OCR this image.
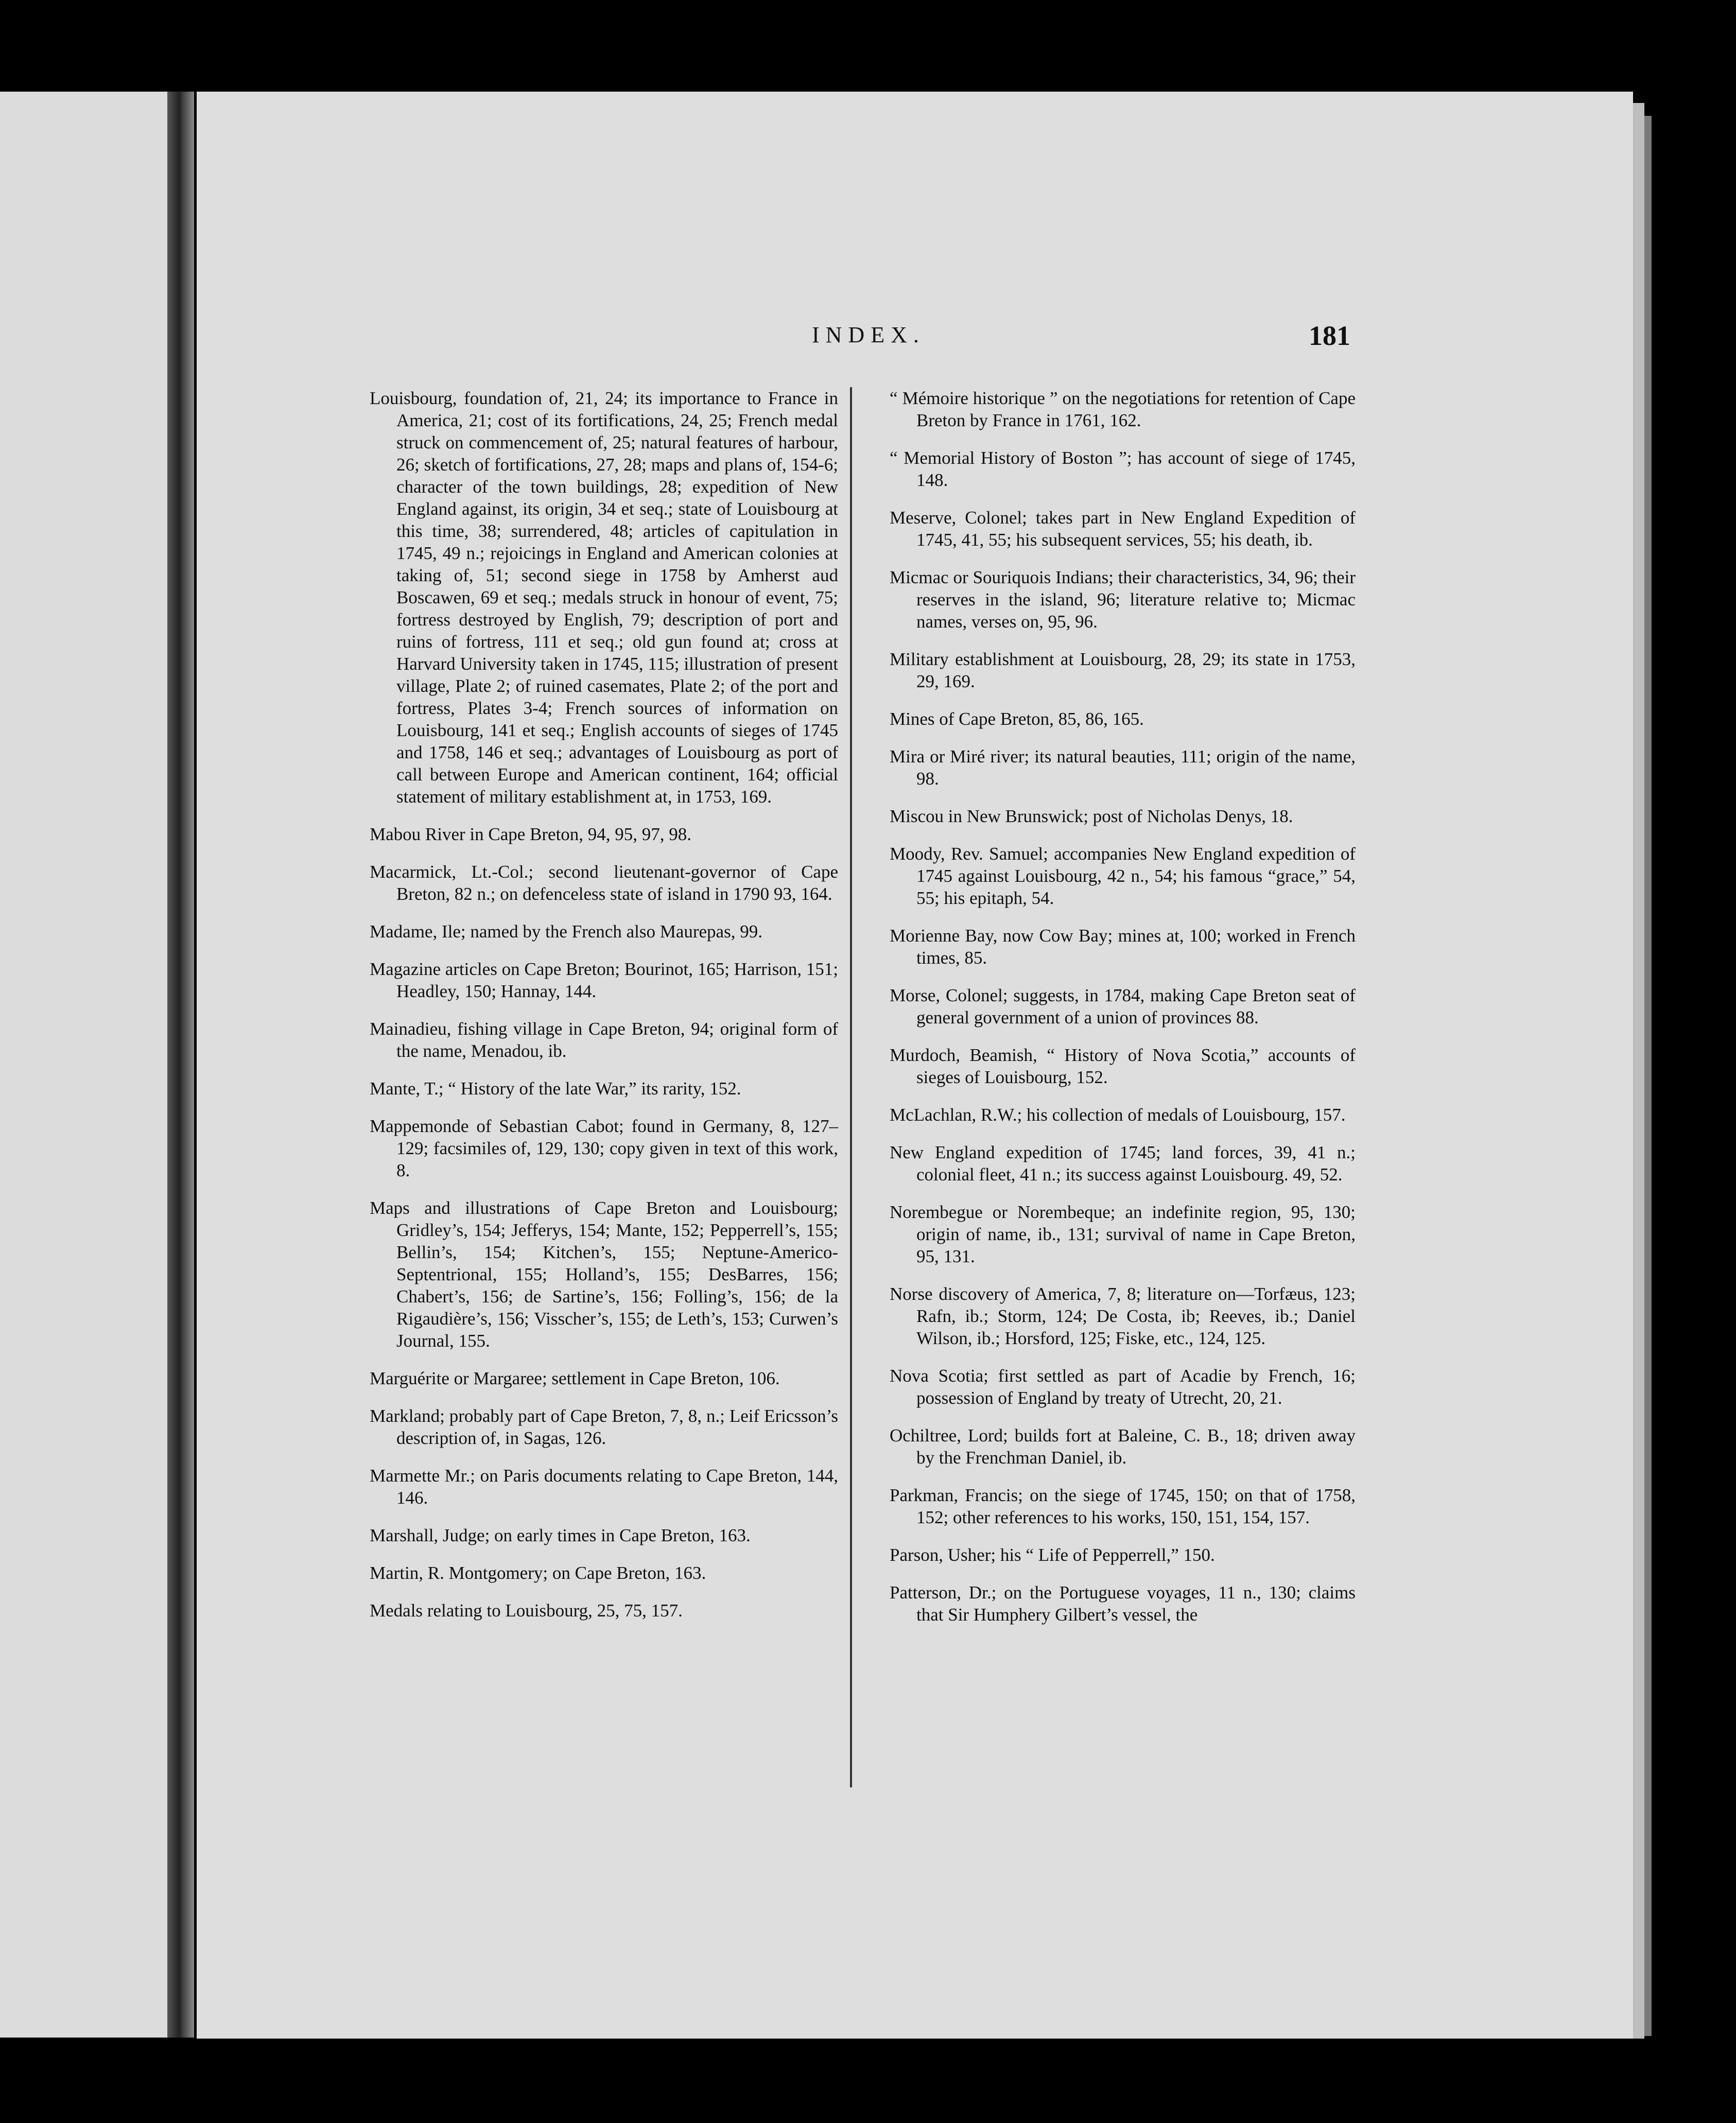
INDEX.	181

Louisbourg, foundation of, 21, 24; its importance to France in America, 21; cost of its fortifications, 24, 25; French medal struck on commencement of, 25; natural features of harbour, 26; sketch of fortifications, 27, 28; maps and plans of, 154-6; character of the town buildings, 28; expedition of New England against, its origin, 34 et seq.; state of Louisbourg at this time, 38; surrendered, 48; articles of capitulation in 1745, 49 n.; rejoicings in England and American colonies at taking of, 51; second siege in 1758 by Amherst aud Boscawen, 69 et seq.; medals struck in honour of event, 75; fortress destroyed by English, 79; description of port and ruins of fortress, 111 et seq.; old gun found at; cross at Harvard University taken in 1745, 115; illustration of present village, Plate 2; of ruined casemates, Plate 2; of the port and fortress, Plates 3-4; French sources of information on Louisbourg, 141 et seq.; English accounts of sieges of 1745 and 1758, 146 et seq.; advantages of Louisbourg as port of call between Europe and American continent, 164; official statement of military establishment at, in 1753, 169.

Mabou River in Cape Breton, 94, 95, 97, 98.

Macarmick, Lt.-Col.; second lieutenant-governor of Cape Breton, 82 n.; on defenceless state of island in 1790 93, 164.

Madame, Ile; named by the French also Maurepas, 99.

Magazine articles on Cape Breton; Bourinot, 165; Harrison, 151; Headley, 150; Hannay, 144.

Mainadieu, fishing village in Cape Breton, 94; original form of the name, Menadou, ib.

Mante, T.; “ History of the late War,” its rarity, 152.

Mappemonde of Sebastian Cabot; found in Germany, 8, 127–129; facsimiles of, 129, 130; copy given in text of this work, 8.

Maps and illustrations of Cape Breton and Louisbourg; Gridley’s, 154; Jefferys, 154; Mante, 152; Pepperrell’s, 155; Bellin’s, 154; Kitchen’s, 155; Neptune-Americo-Septentrional, 155; Holland’s, 155; DesBarres, 156; Chabert’s, 156; de Sartine’s, 156; Folling’s, 156; de la Rigaudière’s, 156; Visscher’s, 155; de Leth’s, 153; Curwen’s Journal, 155.

Marguérite or Margaree; settlement in Cape Breton, 106.

Markland; probably part of Cape Breton, 7, 8, n.; Leif Ericsson’s description of, in Sagas, 126.

Marmette Mr.; on Paris documents relating to Cape Breton, 144, 146.

Marshall, Judge; on early times in Cape Breton, 163.

Martin, R. Montgomery; on Cape Breton, 163.

Medals relating to Louisbourg, 25, 75, 157.

“ Mémoire historique ” on the negotiations for retention of Cape Breton by France in 1761, 162.

“ Memorial History of Boston ”; has account of siege of 1745, 148.

Meserve, Colonel; takes part in New England Expedition of 1745, 41, 55; his subsequent services, 55; his death, ib.

Micmac or Souriquois Indians; their characteristics, 34, 96; their reserves in the island, 96; literature relative to; Micmac names, verses on, 95, 96.

Military establishment at Louisbourg, 28, 29; its state in 1753, 29, 169.

Mines of Cape Breton, 85, 86, 165.

Mira or Miré river; its natural beauties, 111; origin of the name, 98.

Miscou in New Brunswick; post of Nicholas Denys, 18.

Moody, Rev. Samuel; accompanies New England expedition of 1745 against Louisbourg, 42 n., 54; his famous “grace,” 54, 55; his epitaph, 54.

Morienne Bay, now Cow Bay; mines at, 100; worked in French times, 85.

Morse, Colonel; suggests, in 1784, making Cape Breton seat of general government of a union of provinces 88.

Murdoch, Beamish, “ History of Nova Scotia,” accounts of sieges of Louisbourg, 152.

McLachlan, R.W.; his collection of medals of Louisbourg, 157.

New England expedition of 1745; land forces, 39, 41 n.; colonial fleet, 41 n.; its success against Louisbourg. 49, 52.

Norembegue or Norembeque; an indefinite region, 95, 130; origin of name, ib., 131; survival of name in Cape Breton, 95, 131.

Norse discovery of America, 7, 8; literature on—Torfæus, 123; Rafn, ib.; Storm, 124; De Costa, ib; Reeves, ib.; Daniel Wilson, ib.; Horsford, 125; Fiske, etc., 124, 125.

Nova Scotia; first settled as part of Acadie by French, 16; possession of England by treaty of Utrecht, 20, 21.

Ochiltree, Lord; builds fort at Baleine, C. B., 18; driven away by the Frenchman Daniel, ib.

Parkman, Francis; on the siege of 1745, 150; on that of 1758, 152; other references to his works, 150, 151, 154, 157.

Parson, Usher; his “ Life of Pepperrell,” 150.

Patterson, Dr.; on the Portuguese voyages, 11 n., 130; claims that Sir Humphery Gilbert’s vessel, the
